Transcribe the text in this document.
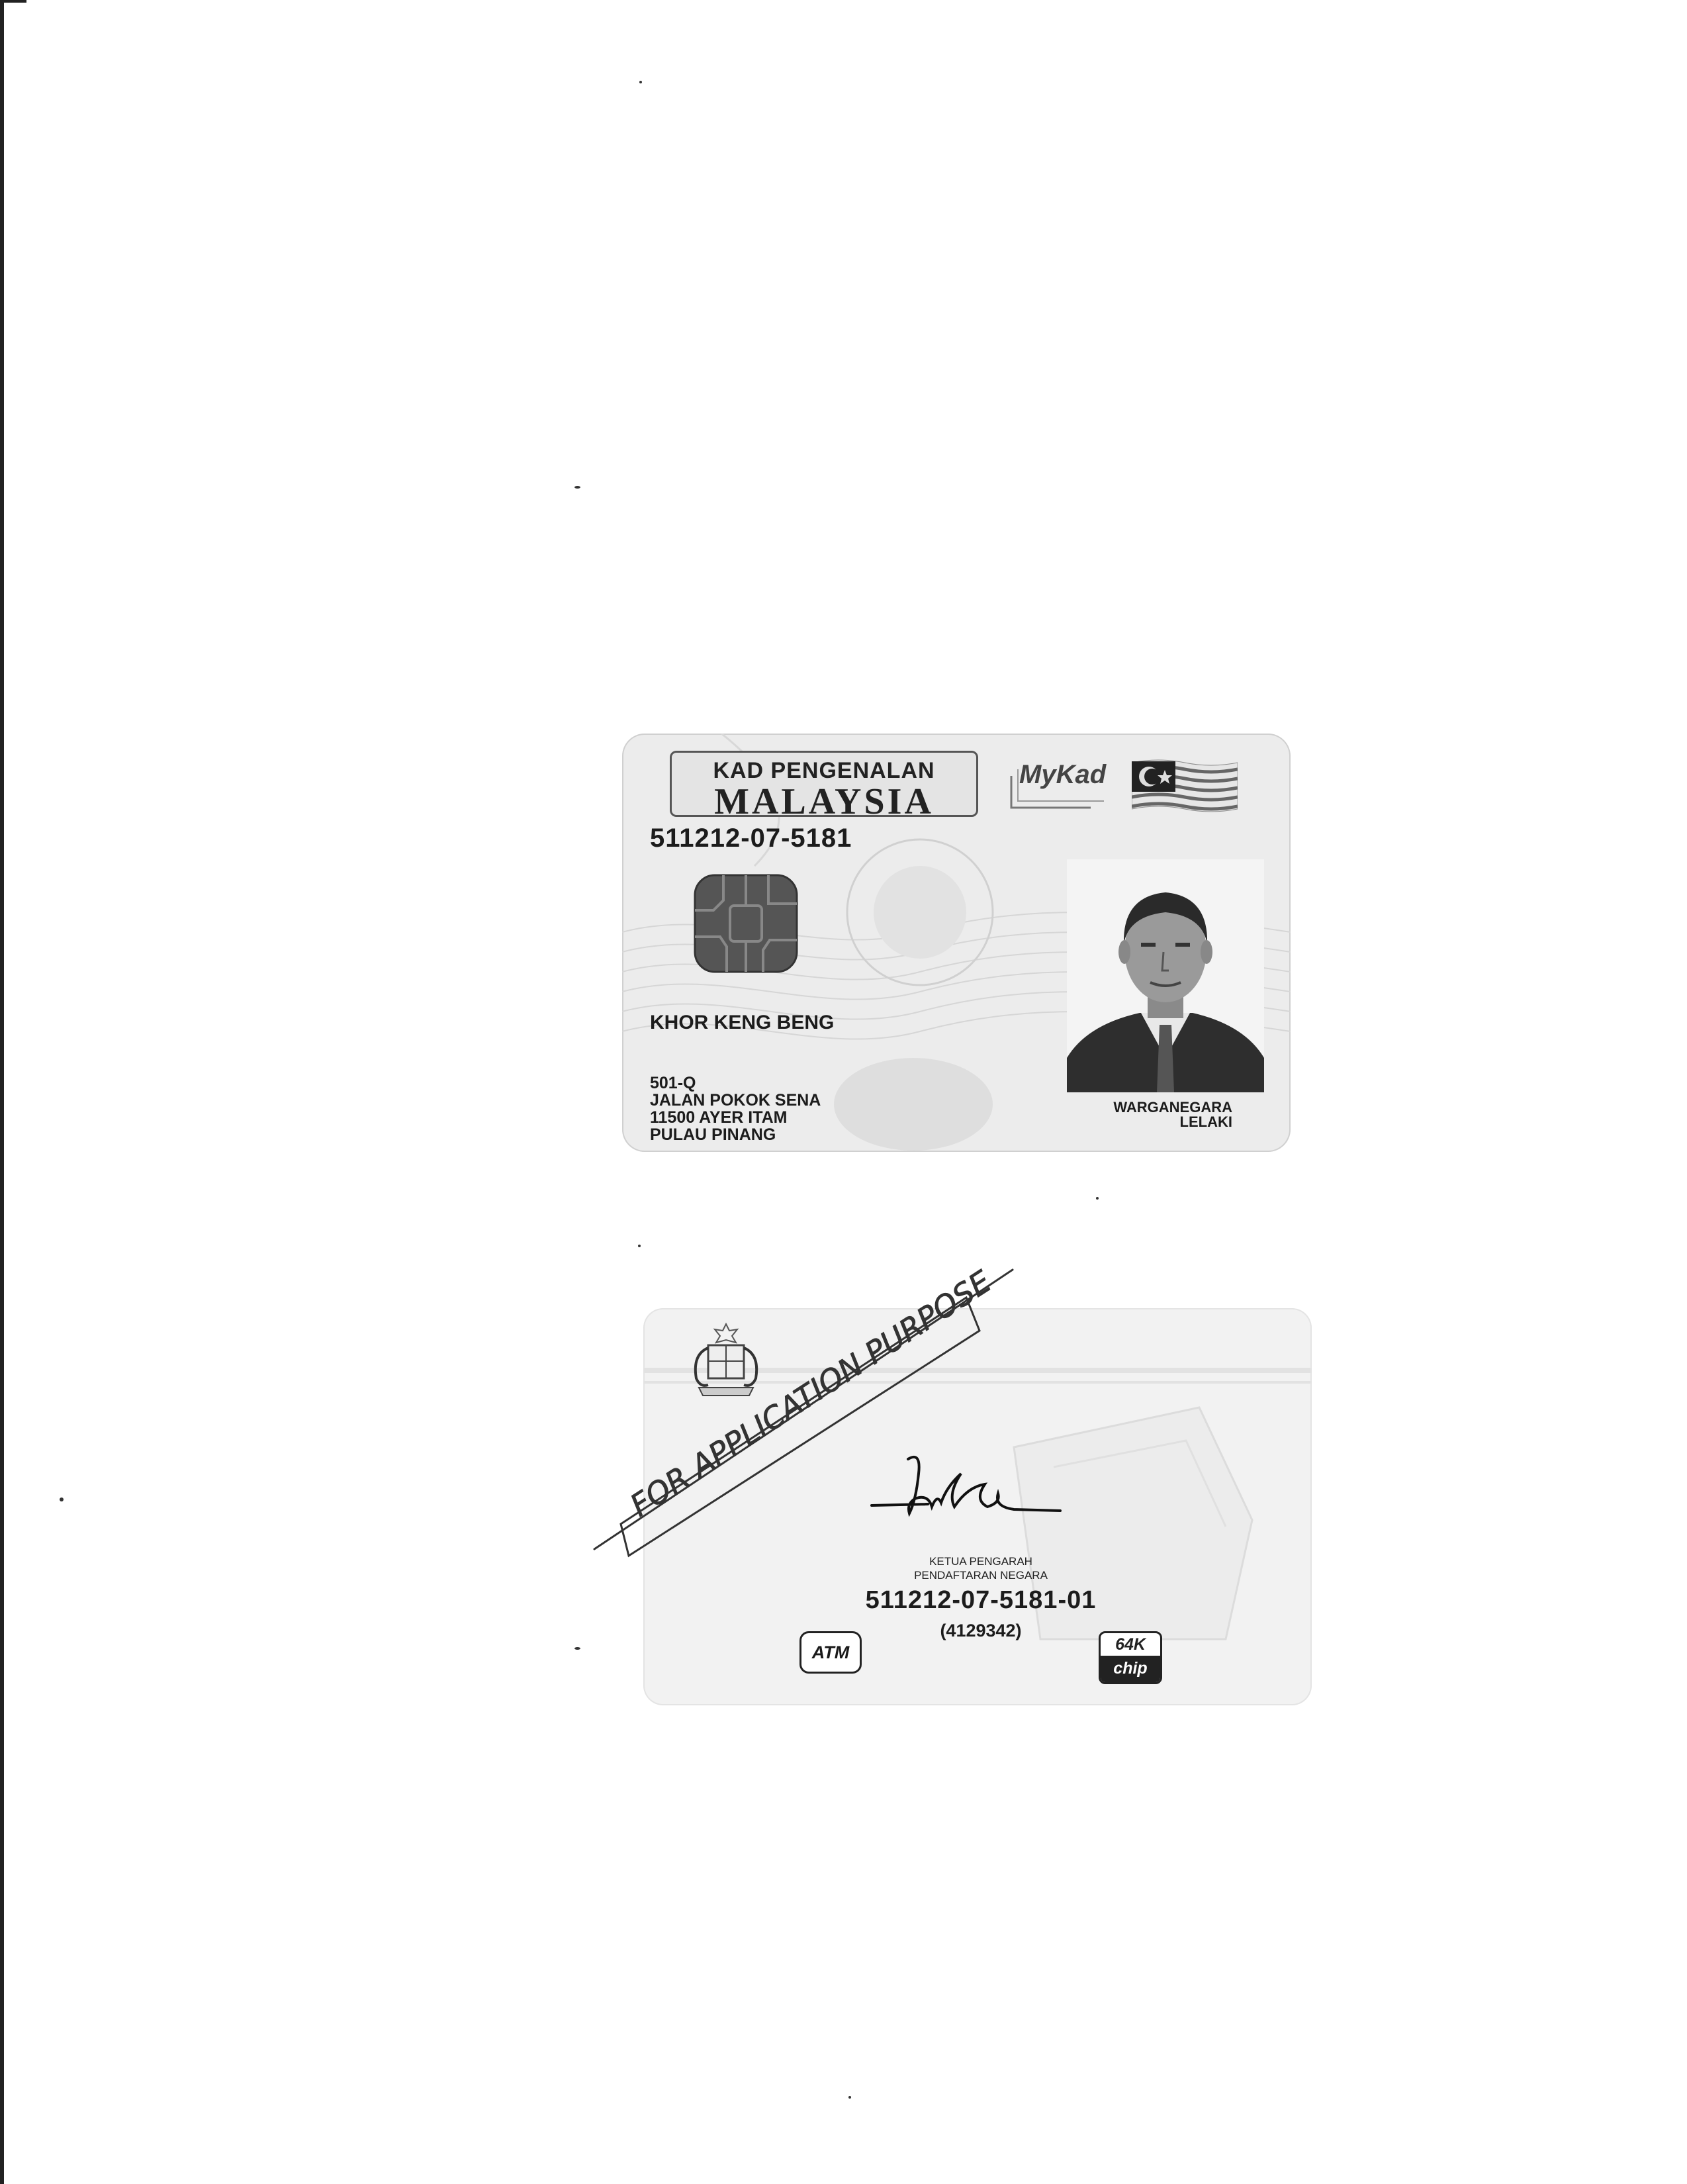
KAD PENGENALAN
MALAYSIA
MyKad
511212-07-5181
KHOR KENG BENG
501-Q
JALAN POKOK SENA
11500 AYER ITAM
PULAU PINANG
WARGANEGARA
LELAKI
KETUA PENGARAH
PENDAFTARAN NEGARA
511212-07-5181-01
(4129342)
ATM	64K
chip
FOR APPLICATION PURPOSE
